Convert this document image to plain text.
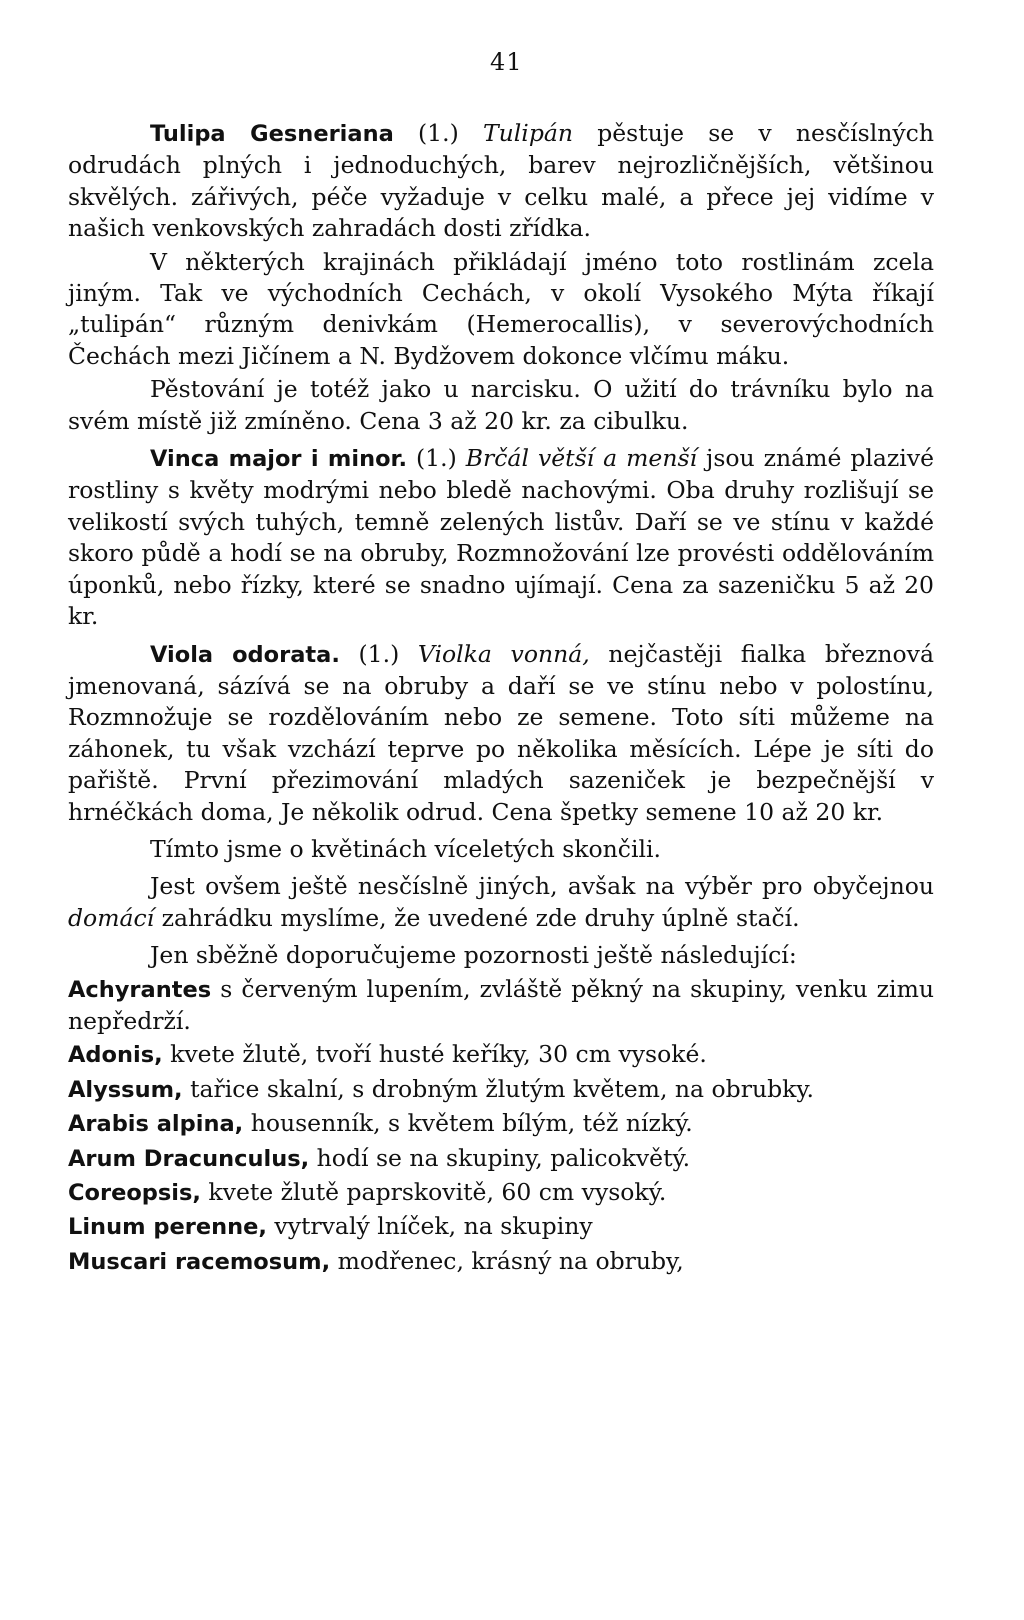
41

Tulipa Gesneriana (1.) Tulipán pěstuje se v nesčíslných odrudách plných i jednoduchých, barev nejrozličnějších, většinou skvělých. zářivých, péče vyžaduje v celku malé, a přece jej vidíme v našich venkovských zahradách dosti zřídka.

V některých krajinách přikládají jméno toto rostlinám zcela jiným. Tak ve východních Cechách, v okolí Vysokého Mýta říkají „tulipán“ různým denivkám (Hemerocallis), v severovýchodních Čechách mezi Jičínem a N. Bydžovem dokonce vlčímu máku.

Pěstování je totéž jako u narcisku. O užití do trávníku bylo na svém místě již zmíněno. Cena 3 až 20 kr. za cibulku.

Vinca major i minor. (1.) Brčál větší a menší jsou známé plazivé rostliny s květy modrými nebo bledě nachovými. Oba druhy rozlišují se velikostí svých tuhých, temně zelených listův. Daří se ve stínu v každé skoro půdě a hodí se na obruby, Rozmnožování lze provésti oddělováním úponků, nebo řízky, které se snadno ujímají. Cena za sazeničku 5 až 20 kr.

Viola odorata. (1.) Violka vonná, nejčastěji fialka březnová jmenovaná, sázívá se na obruby a daří se ve stínu nebo v polostínu, Rozmnožuje se rozdělováním nebo ze semene. Toto síti můžeme na záhonek, tu však vzchází teprve po několika měsících. Lépe je síti do pařiště. První přezimování mladých sazeniček je bezpečnější v hrnéčkách doma, Je několik odrud. Cena špetky semene 10 až 20 kr.

Tímto jsme o květinách víceletých skončili.

Jest ovšem ještě nesčíslně jiných, avšak na výběr pro obyčejnou domácí zahrádku myslíme, že uvedené zde druhy úplně stačí.

Jen sběžně doporučujeme pozornosti ještě následující:

Achyrantes s červeným lupením, zvláště pěkný na skupiny, venku zimu nepředrží.

Adonis, kvete žlutě, tvoří husté keříky, 30 cm vysoké.

Alyssum, tařice skalní, s drobným žlutým květem, na obrubky.

Arabis alpina, housenník, s květem bílým, též nízký.

Arum Dracunculus, hodí se na skupiny, palicokvětý.

Coreopsis, kvete žlutě paprskovitě, 60 cm vysoký.

Linum perenne, vytrvalý lníček, na skupiny

Muscari racemosum, modřenec, krásný na obruby,
